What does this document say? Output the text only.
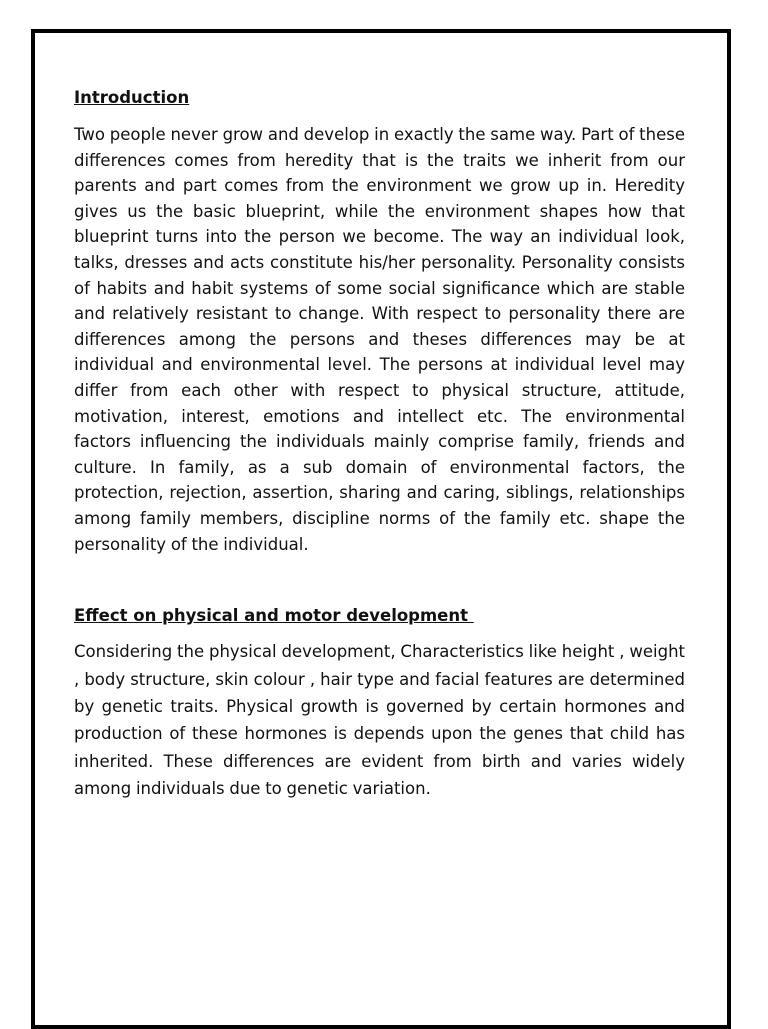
Introduction

Two people never grow and develop in exactly the same way. Part of these differences comes from heredity that is the traits we inherit from our parents and part comes from the environment we grow up in. Heredity gives us the basic blueprint, while the environment shapes how that blueprint turns into the person we become. The way an individual look, talks, dresses and acts constitute his/her personality. Personality consists of habits and habit systems of some social significance which are stable and relatively resistant to change. With respect to personality there are differences among the persons and theses differences may be at individual and environmental level. The persons at individual level may differ from each other with respect to physical structure, attitude, motivation, interest, emotions and intellect etc. The environmental factors influencing the individuals mainly comprise family, friends and culture. In family, as a sub domain of environmental factors, the protection, rejection, assertion, sharing and caring, siblings, relationships among family members, discipline norms of the family etc. shape the personality of the individual.

Effect on physical and motor development

Considering the physical development, Characteristics like height , weight , body structure, skin colour , hair type and facial features are determined by genetic traits. Physical growth is governed by certain hormones and production of these hormones is depends upon the genes that child has inherited. These differences are evident from birth and varies widely among individuals due to genetic variation.
